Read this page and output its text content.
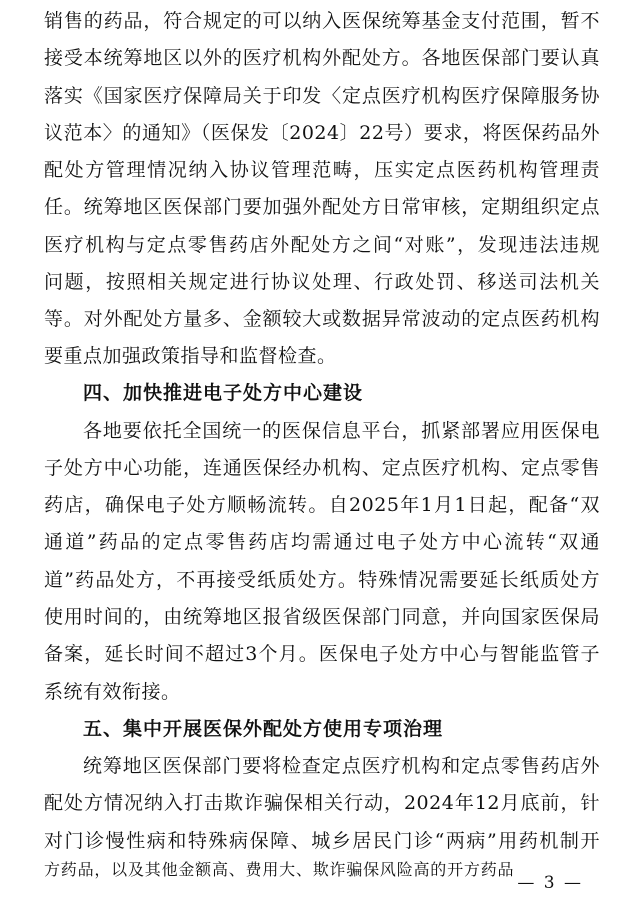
销售的药品，符合规定的可以纳入医保统筹基金支付范围，暂不
接受本统筹地区以外的医疗机构外配处方。各地医保部门要认真
落实《国家医疗保障局关于印发〈定点医疗机构医疗保障服务协
议范本〉的通知》（医保发〔2024〕22号）要求，将医保药品外
配处方管理情况纳入协议管理范畴，压实定点医药机构管理责
任。统筹地区医保部门要加强外配处方日常审核，定期组织定点
医疗机构与定点零售药店外配处方之间“对账”，发现违法违规
问题，按照相关规定进行协议处理、行政处罚、移送司法机关
等。对外配处方量多、金额较大或数据异常波动的定点医药机构
要重点加强政策指导和监督检查。
四、加快推进电子处方中心建设
各地要依托全国统一的医保信息平台，抓紧部署应用医保电
子处方中心功能，连通医保经办机构、定点医疗机构、定点零售
药店，确保电子处方顺畅流转。自2025年1月1日起，配备“双
通道”药品的定点零售药店均需通过电子处方中心流转“双通
道”药品处方，不再接受纸质处方。特殊情况需要延长纸质处方
使用时间的，由统筹地区报省级医保部门同意，并向国家医保局
备案，延长时间不超过3个月。医保电子处方中心与智能监管子
系统有效衔接。
五、集中开展医保外配处方使用专项治理
统筹地区医保部门要将检查定点医疗机构和定点零售药店外
配处方情况纳入打击欺诈骗保相关行动，2024年12月底前，针
对门诊慢性病和特殊病保障、城乡居民门诊“两病”用药机制开
方药品，以及其他金额高、费用大、欺诈骗保风险高的开方药品
— 3 —
